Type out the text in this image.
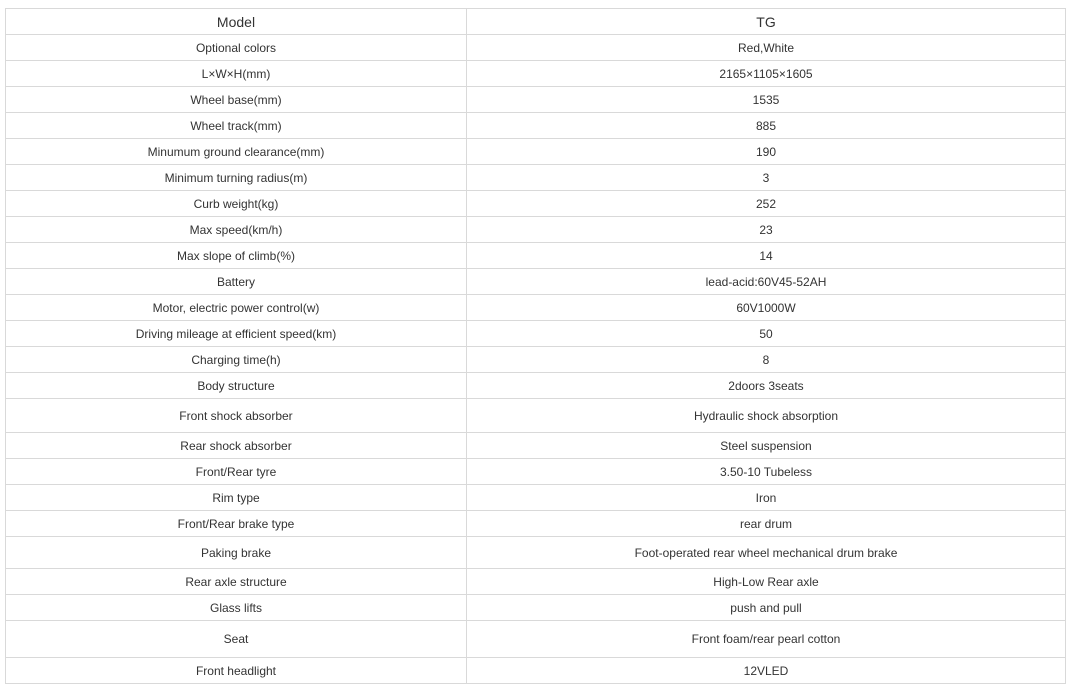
Model	TG
Optional colors	Red,White
L×W×H(mm)	2165×1105×1605
Wheel base(mm)	1535
Wheel track(mm)	885
Minumum ground clearance(mm)	190
Minimum turning radius(m)	3
Curb weight(kg)	252
Max speed(km/h)	23
Max slope of climb(%)	14
Battery	lead-acid:60V45-52AH
Motor, electric power control(w)	60V1000W
Driving mileage at efficient speed(km)	50
Charging time(h)	8
Body structure	2doors 3seats
Front shock absorber	Hydraulic shock absorption
Rear shock absorber	Steel suspension
Front/Rear tyre	3.50-10 Tubeless
Rim type	Iron
Front/Rear brake type	rear drum
Paking brake	Foot-operated rear wheel mechanical drum brake
Rear axle structure	High-Low Rear axle
Glass lifts	push and pull
Seat	Front foam/rear pearl cotton
Front headlight	12VLED
